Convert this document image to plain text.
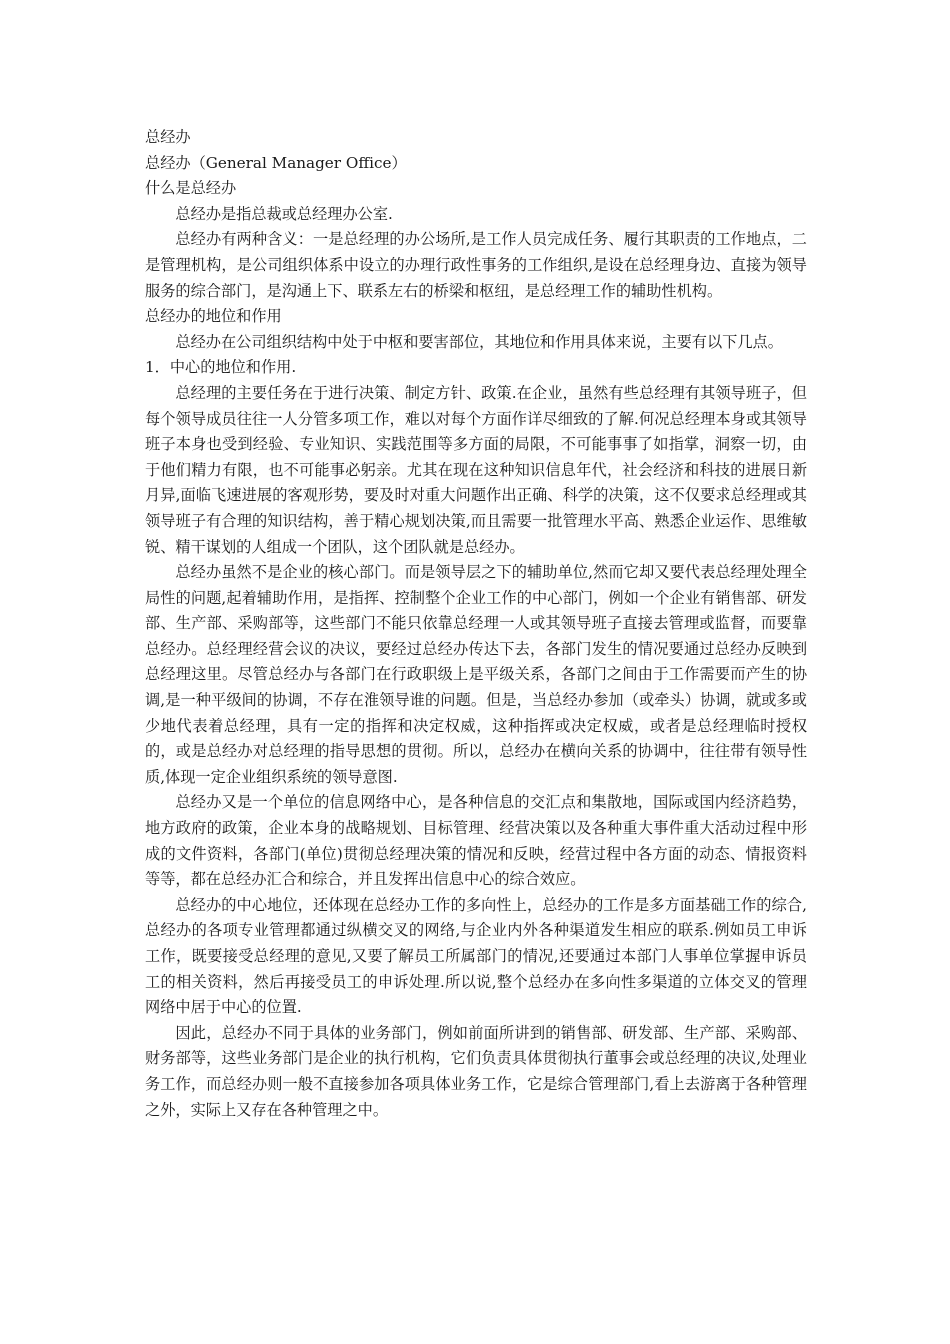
总经办

总经办（General Manager Office）

什么是总经办

总经办是指总裁或总经理办公室.

总经办有两种含义：一是总经理的办公场所,是工作人员完成任务、履行其职责的工作地点，二是管理机构，是公司组织体系中设立的办理行政性事务的工作组织,是设在总经理身边、直接为领导服务的综合部门，是沟通上下、联系左右的桥梁和枢纽，是总经理工作的辅助性机构。

总经办的地位和作用

总经办在公司组织结构中处于中枢和要害部位，其地位和作用具体来说，主要有以下几点。

1．中心的地位和作用.

总经理的主要任务在于进行决策、制定方针、政策.在企业，虽然有些总经理有其领导班子，但每个领导成员往往一人分管多项工作，难以对每个方面作详尽细致的了解.何况总经理本身或其领导班子本身也受到经验、专业知识、实践范围等多方面的局限，不可能事事了如指掌，洞察一切，由于他们精力有限，也不可能事必躬亲。尤其在现在这种知识信息年代，社会经济和科技的进展日新月异,面临飞速进展的客观形势，要及时对重大问题作出正确、科学的决策，这不仅要求总经理或其领导班子有合理的知识结构，善于精心规划决策,而且需要一批管理水平高、熟悉企业运作、思维敏锐、精干谋划的人组成一个团队，这个团队就是总经办。

总经办虽然不是企业的核心部门。而是领导层之下的辅助单位,然而它却又要代表总经理处理全局性的问题,起着辅助作用，是指挥、控制整个企业工作的中心部门，例如一个企业有销售部、研发部、生产部、采购部等，这些部门不能只依靠总经理一人或其领导班子直接去管理或监督，而要靠总经办。总经理经营会议的决议，要经过总经办传达下去，各部门发生的情况要通过总经办反映到总经理这里。尽管总经办与各部门在行政职级上是平级关系，各部门之间由于工作需要而产生的协调,是一种平级间的协调，不存在淮领导谁的问题。但是，当总经办参加（或牵头）协调，就或多或少地代表着总经理，具有一定的指挥和决定权威，这种指挥或决定权威，或者是总经理临时授权的，或是总经办对总经理的指导思想的贯彻。所以，总经办在横向关系的协调中，往往带有领导性质,体现一定企业组织系统的领导意图.

总经办又是一个单位的信息网络中心，是各种信息的交汇点和集散地，国际或国内经济趋势，地方政府的政策，企业本身的战略规划、目标管理、经营决策以及各种重大事件重大活动过程中形成的文件资料，各部门(单位)贯彻总经理决策的情况和反映，经营过程中各方面的动态、情报资料等等，都在总经办汇合和综合，并且发挥出信息中心的综合效应。

总经办的中心地位，还体现在总经办工作的多向性上，总经办的工作是多方面基础工作的综合,总经办的各项专业管理都通过纵横交叉的网络,与企业内外各种渠道发生相应的联系.例如员工申诉工作，既要接受总经理的意见,又要了解员工所属部门的情况,还要通过本部门人事单位掌握申诉员工的相关资料，然后再接受员工的申诉处理.所以说,整个总经办在多向性多渠道的立体交叉的管理网络中居于中心的位置.

因此，总经办不同于具体的业务部门，例如前面所讲到的销售部、研发部、生产部、采购部、财务部等，这些业务部门是企业的执行机构，它们负责具体贯彻执行董事会或总经理的决议,处理业务工作，而总经办则一般不直接参加各项具体业务工作，它是综合管理部门,看上去游离于各种管理之外，实际上又存在各种管理之中。
